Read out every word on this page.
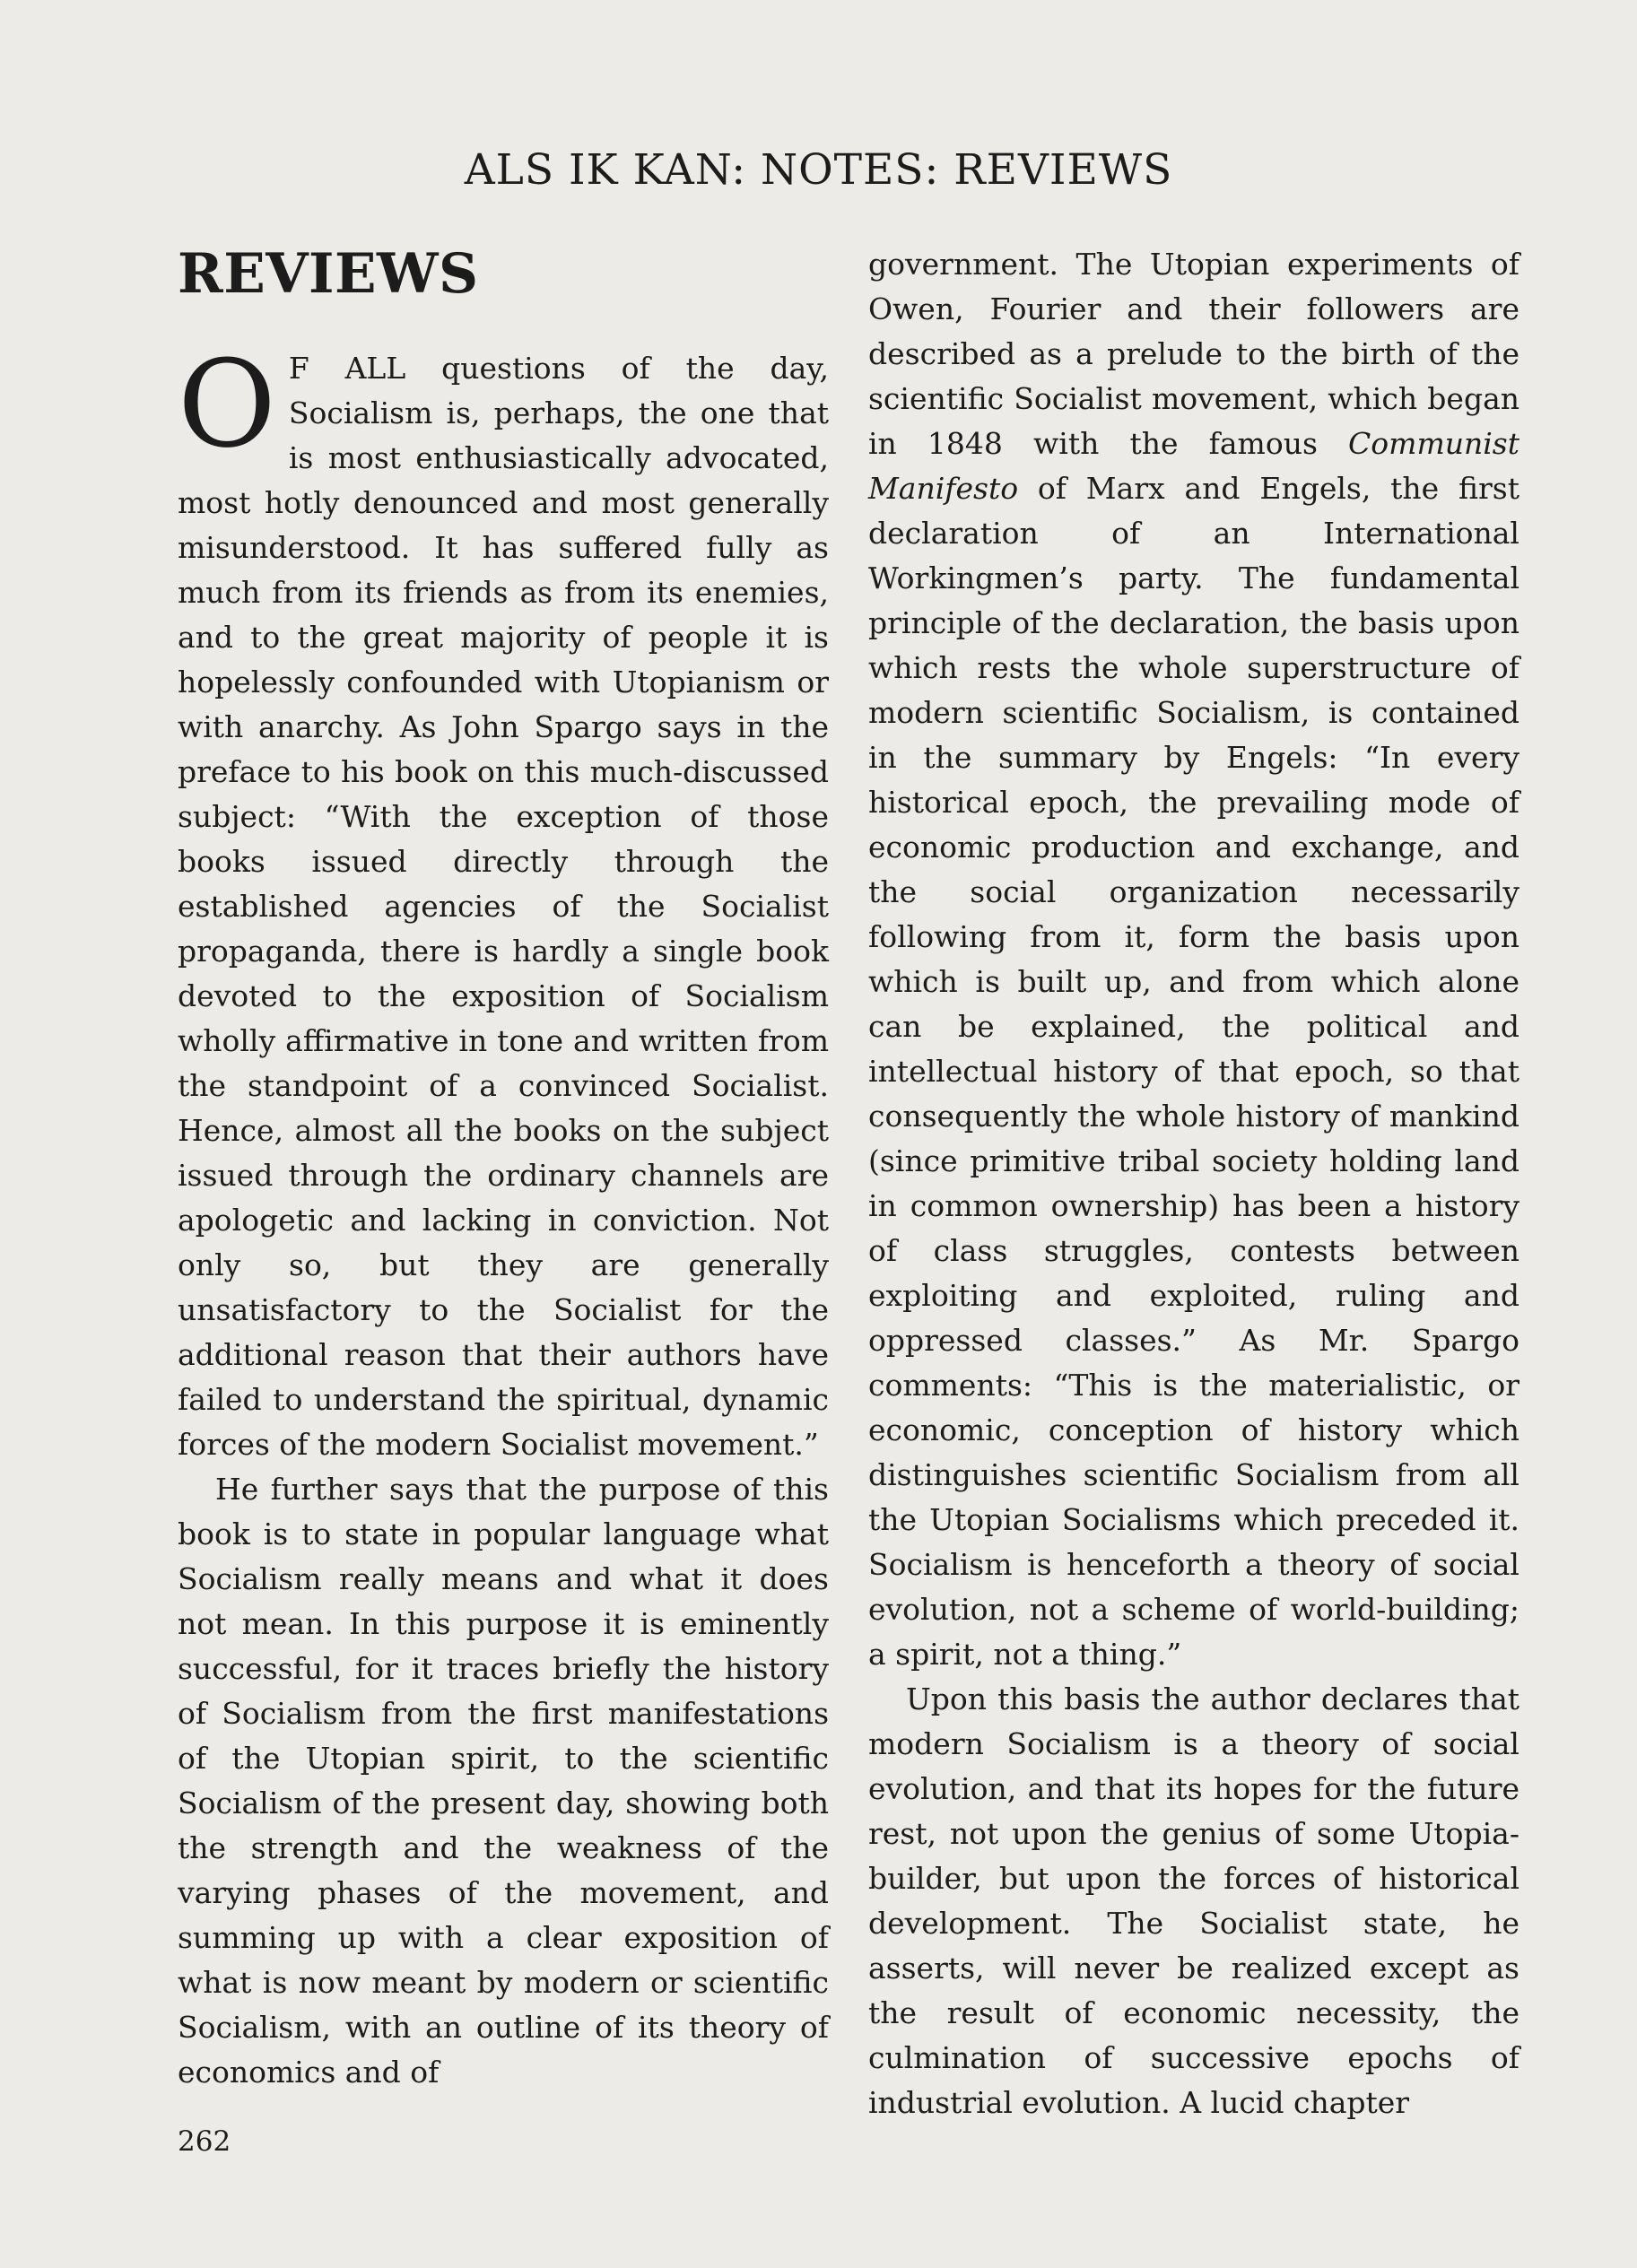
ALS IK KAN: NOTES: REVIEWS
REVIEWS

O F ALL questions of the day, Socialism is, perhaps, the one that is most enthusiastically advocated, most hotly denounced and most generally misunderstood. It has suffered fully as much from its friends as from its enemies, and to the great majority of people it is hopelessly confounded with Utopianism or with anarchy. As John Spargo says in the preface to his book on this much-discussed subject: “With the exception of those books issued directly through the established agencies of the Socialist propaganda, there is hardly a single book devoted to the exposition of Socialism wholly affirmative in tone and written from the standpoint of a convinced Socialist. Hence, almost all the books on the subject issued through the ordinary channels are apologetic and lacking in conviction. Not only so, but they are generally unsatisfactory to the Socialist for the additional reason that their authors have failed to understand the spiritual, dynamic forces of the modern Socialist movement.”

He further says that the purpose of this book is to state in popular language what Socialism really means and what it does not mean. In this purpose it is eminently successful, for it traces briefly the history of Socialism from the first manifestations of the Utopian spirit, to the scientific Socialism of the present day, showing both the strength and the weakness of the varying phases of the movement, and summing up with a clear exposition of what is now meant by modern or scientific Socialism, with an outline of its theory of economics and of

government. The Utopian experiments of Owen, Fourier and their followers are described as a prelude to the birth of the scientific Socialist movement, which began in 1848 with the famous Communist Manifesto of Marx and Engels, the first declaration of an International Workingmen’s party. The fundamental principle of the declaration, the basis upon which rests the whole superstructure of modern scientific Socialism, is contained in the summary by Engels: “In every historical epoch, the prevailing mode of economic production and exchange, and the social organization necessarily following from it, form the basis upon which is built up, and from which alone can be explained, the political and intellectual history of that epoch, so that consequently the whole history of mankind (since primitive tribal society holding land in common ownership) has been a history of class struggles, contests between exploiting and exploited, ruling and oppressed classes.” As Mr. Spargo comments: “This is the materialistic, or economic, conception of history which distinguishes scientific Socialism from all the Utopian Socialisms which preceded it. Socialism is henceforth a theory of social evolution, not a scheme of world-building; a spirit, not a thing.”

Upon this basis the author declares that modern Socialism is a theory of social evolution, and that its hopes for the future rest, not upon the genius of some Utopia-builder, but upon the forces of historical development. The Socialist state, he asserts, will never be realized except as the result of economic necessity, the culmination of successive epochs of industrial evolution. A lucid chapter

262
